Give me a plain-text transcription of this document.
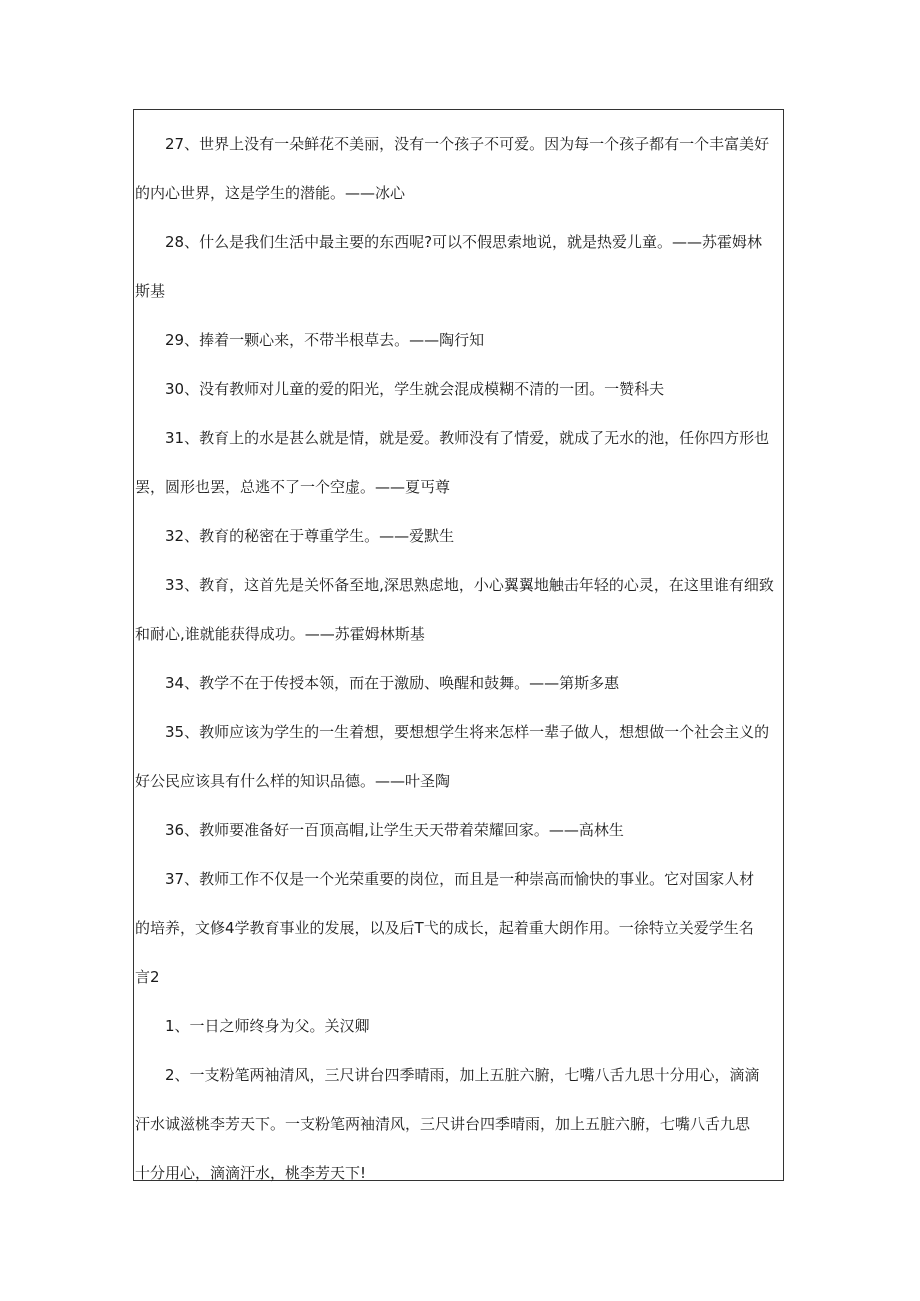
27、世界上没有一朵鲜花不美丽，没有一个孩子不可爱。因为每一个孩子都有一个丰富美好
的内心世界，这是学生的潜能。——冰心
28、什么是我们生活中最主要的东西呢?可以不假思索地说，就是热爱儿童。——苏霍姆林
斯基
29、捧着一颗心来，不带半根草去。——陶行知
30、没有教师对儿童的爱的阳光，学生就会混成模糊不清的一团。一赞科夫
31、教育上的水是甚么就是情，就是爱。教师没有了情爱，就成了无水的池，任你四方形也
罢，圆形也罢，总逃不了一个空虚。——夏丐尊
32、教育的秘密在于尊重学生。——爱默生
33、教育，这首先是关怀备至地,深思熟虑地，小心翼翼地触击年轻的心灵，在这里谁有细致
和耐心,谁就能获得成功。——苏霍姆林斯基
34、教学不在于传授本领，而在于激励、唤醒和鼓舞。——第斯多惠
35、教师应该为学生的一生着想，要想想学生将来怎样一辈子做人，想想做一个社会主义的
好公民应该具有什么样的知识品德。——叶圣陶
36、教师要准备好一百顶高帽,让学生天天带着荣耀回家。——高林生
37、教师工作不仅是一个光荣重要的岗位，而且是一种崇高而愉快的事业。它对国家人材
的培养，文修4学教育事业的发展，以及后T弋的成长，起着重大朗作用。一徐特立关爱学生名
言2
1、一日之师终身为父。关汉卿
2、一支粉笔两袖清风，三尺讲台四季晴雨，加上五脏六腑，七嘴八舌九思十分用心，滴滴
汗水诚滋桃李芳天下。一支粉笔两袖清风，三尺讲台四季晴雨，加上五脏六腑，七嘴八舌九思
十分用心，滴滴汗水，桃李芳天下!
